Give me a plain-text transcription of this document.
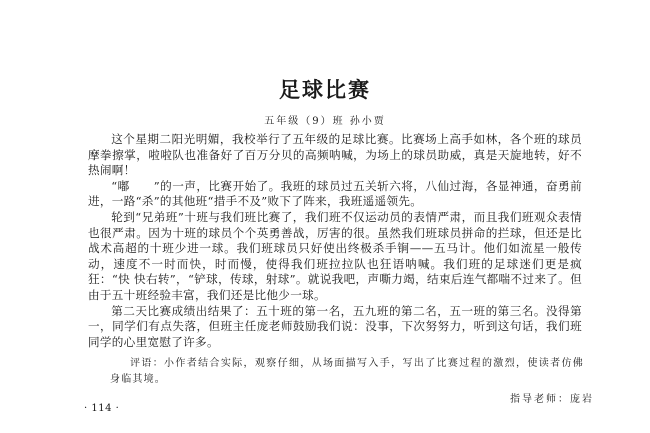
足球比赛

五年级（9）班 孙小贾

这个星期二阳光明媚，我校举行了五年级的足球比赛。比赛场上高手如林，各个班的球员摩拳擦掌，啦啦队也准备好了百万分贝的高频呐喊，为场上的球员助威，真是天旋地转，好不热闹啊！

“嘟　　”的一声，比赛开始了。我班的球员过五关斩六将，八仙过海，各显神通，奋勇前进，一路“杀”的其他班“措手不及”败下了阵来，我班遥遥领先。

轮到“兄弟班”十班与我们班比赛了，我们班不仅运动员的表情严肃，而且我们班观众表情也很严肃。因为十班的球员个个英勇善战，厉害的很。虽然我们班球员拼命的拦球，但还是比战术高超的十班少进一球。我们班球员只好使出终极杀手锏——五马计。他们如流星一般传动，速度不一时而快，时而慢，使得我们班拉拉队也狂语呐喊。我们班的足球迷们更是疯狂：“快 快右转”，“铲球，传球，射球”。就说我吧，声嘶力竭，结束后连气都喘不过来了。但由于五十班经验丰富，我们还是比他少一球。

第二天比赛成绩出结果了：五十班的第一名，五九班的第二名，五一班的第三名。没得第一，同学们有点失落，但班主任庞老师鼓励我们说：没事，下次努努力，听到这句话，我们班同学的心里宽慰了许多。

评语：小作者结合实际，观察仔细，从场面描写入手，写出了比赛过程的激烈，使读者仿佛身临其境。

指导老师：庞岩

· 114 ·
